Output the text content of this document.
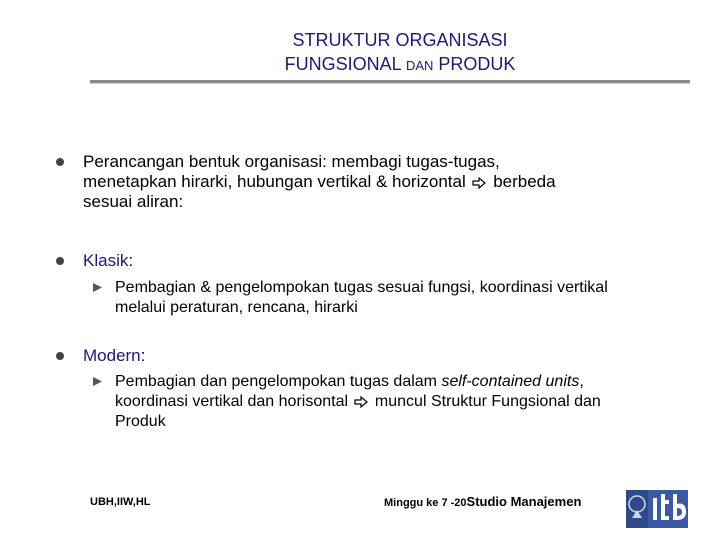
STRUKTUR ORGANISASI
FUNGSIONAL DAN PRODUK
Perancangan bentuk organisasi: membagi tugas-tugas,
menetapkan hirarki, hubungan vertikal & horizontal berbeda
sesuai aliran:
Klasik:
Pembagian & pengelompokan tugas sesuai fungsi, koordinasi vertikal
melalui peraturan, rencana, hirarki
Modern:
Pembagian dan pengelompokan tugas dalam self-contained units,
koordinasi vertikal dan horisontal muncul Struktur Fungsional dan
Produk
UBH,IIW,HL	Minggu ke 7 -20Studio Manajemen
